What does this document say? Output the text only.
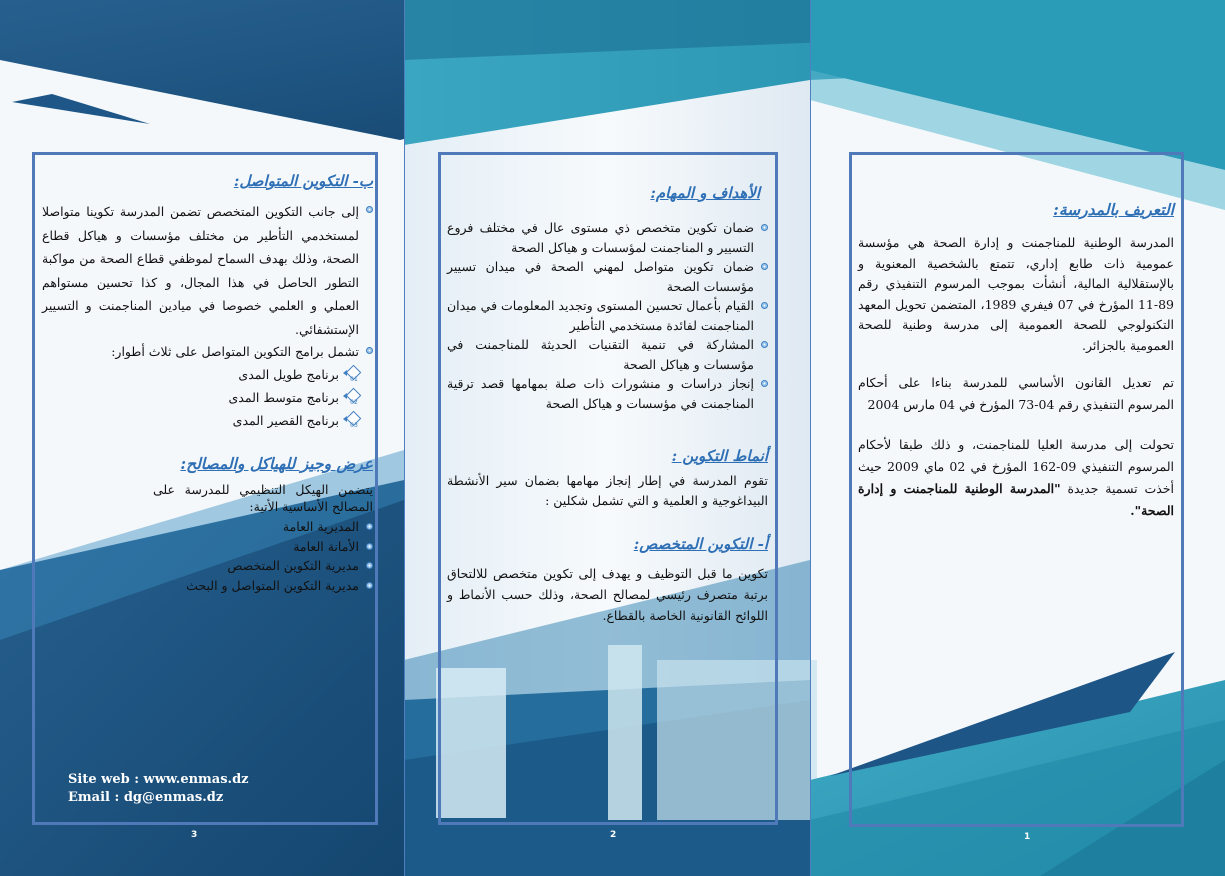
التعريف بالمدرسة:

المدرسة الوطنية للمناجمنت و إدارة الصحة هي مؤسسة عمومية ذات طابع إداري، تتمتع بالشخصية المعنوية و بالإستقلالية المالية، أنشأت بموجب المرسوم التنفيذي رقم 89-11 المؤرخ في 07 فيفري 1989، المتضمن تحويل المعهد التكنولوجي للصحة العمومية إلى مدرسة وطنية للصحة العمومية بالجزائر.

تم تعديل القانون الأساسي للمدرسة بناءا على أحكام المرسوم التنفيذي رقم 04-73 المؤرخ في 04 مارس 2004

تحولت إلى مدرسة العليا للمناجمنت، و ذلك طبقا لأحكام المرسوم التنفيذي 09-162 المؤرخ في 02 ماي 2009 حيث أخذت تسمية جديدة "المدرسة الوطنية للمناجمنت و إدارة الصحة".

1
الأهداف و المهام:
ضمان تكوين متخصص ذي مستوى عال في مختلف فروع التسيير و المناجمنت لمؤسسات و هياكل الصحة
ضمان تكوين متواصل لمهني الصحة في ميدان تسيير مؤسسات الصحة
القيام بأعمال تحسين المستوى وتجديد المعلومات في ميدان المناجمنت لفائدة مستخدمي التأطير
المشاركة في تنمية التقنيات الحديثة للمناجمنت في مؤسسات و هياكل الصحة
إنجاز دراسات و منشورات ذات صلة بمهامها قصد ترقية المناجمنت في مؤسسات و هياكل الصحة
أنماط التكوين :

تقوم المدرسة في إطار إنجاز مهامها بضمان سير الأنشطة البيداغوجية و العلمية و التي تشمل شكلين :

أ- التكوين المتخصص:

تكوين ما قبل التوظيف و يهدف إلى تكوين متخصص للالتحاق برتبة متصرف رئيسي لمصالح الصحة، وذلك حسب الأنماط و اللوائح القانونية الخاصة بالقطاع.

2
ب- التكوين المتواصل:
إلى جانب التكوين المتخصص تضمن المدرسة تكوينا متواصلا لمستخدمي التأطير من مختلف مؤسسات و هياكل قطاع الصحة، وذلك بهدف السماح لموظفي قطاع الصحة من مواكبة التطور الحاصل في هذا المجال، و كذا تحسين مستواهم العملي و العلمي خصوصا في ميادين المناجمنت و التسيير الإستشفائي.
تشمل برامج التكوين المتواصل على ثلاث أطوار:
01
برنامج طويل المدى
02
برنامج متوسط المدى
03
برنامج القصير المدى
عرض وجيز للهياكل والمصالح:

يتضمن الهيكل التنظيمي للمدرسة على المصالح الأساسية الأتية:

المديرية العامة
الأمانة العامة
مديرية التكوين المتخصص
مديرية التكوين المتواصل و البحث
Site web : www.enmas.dz
Email : dg@enmas.dz
3
